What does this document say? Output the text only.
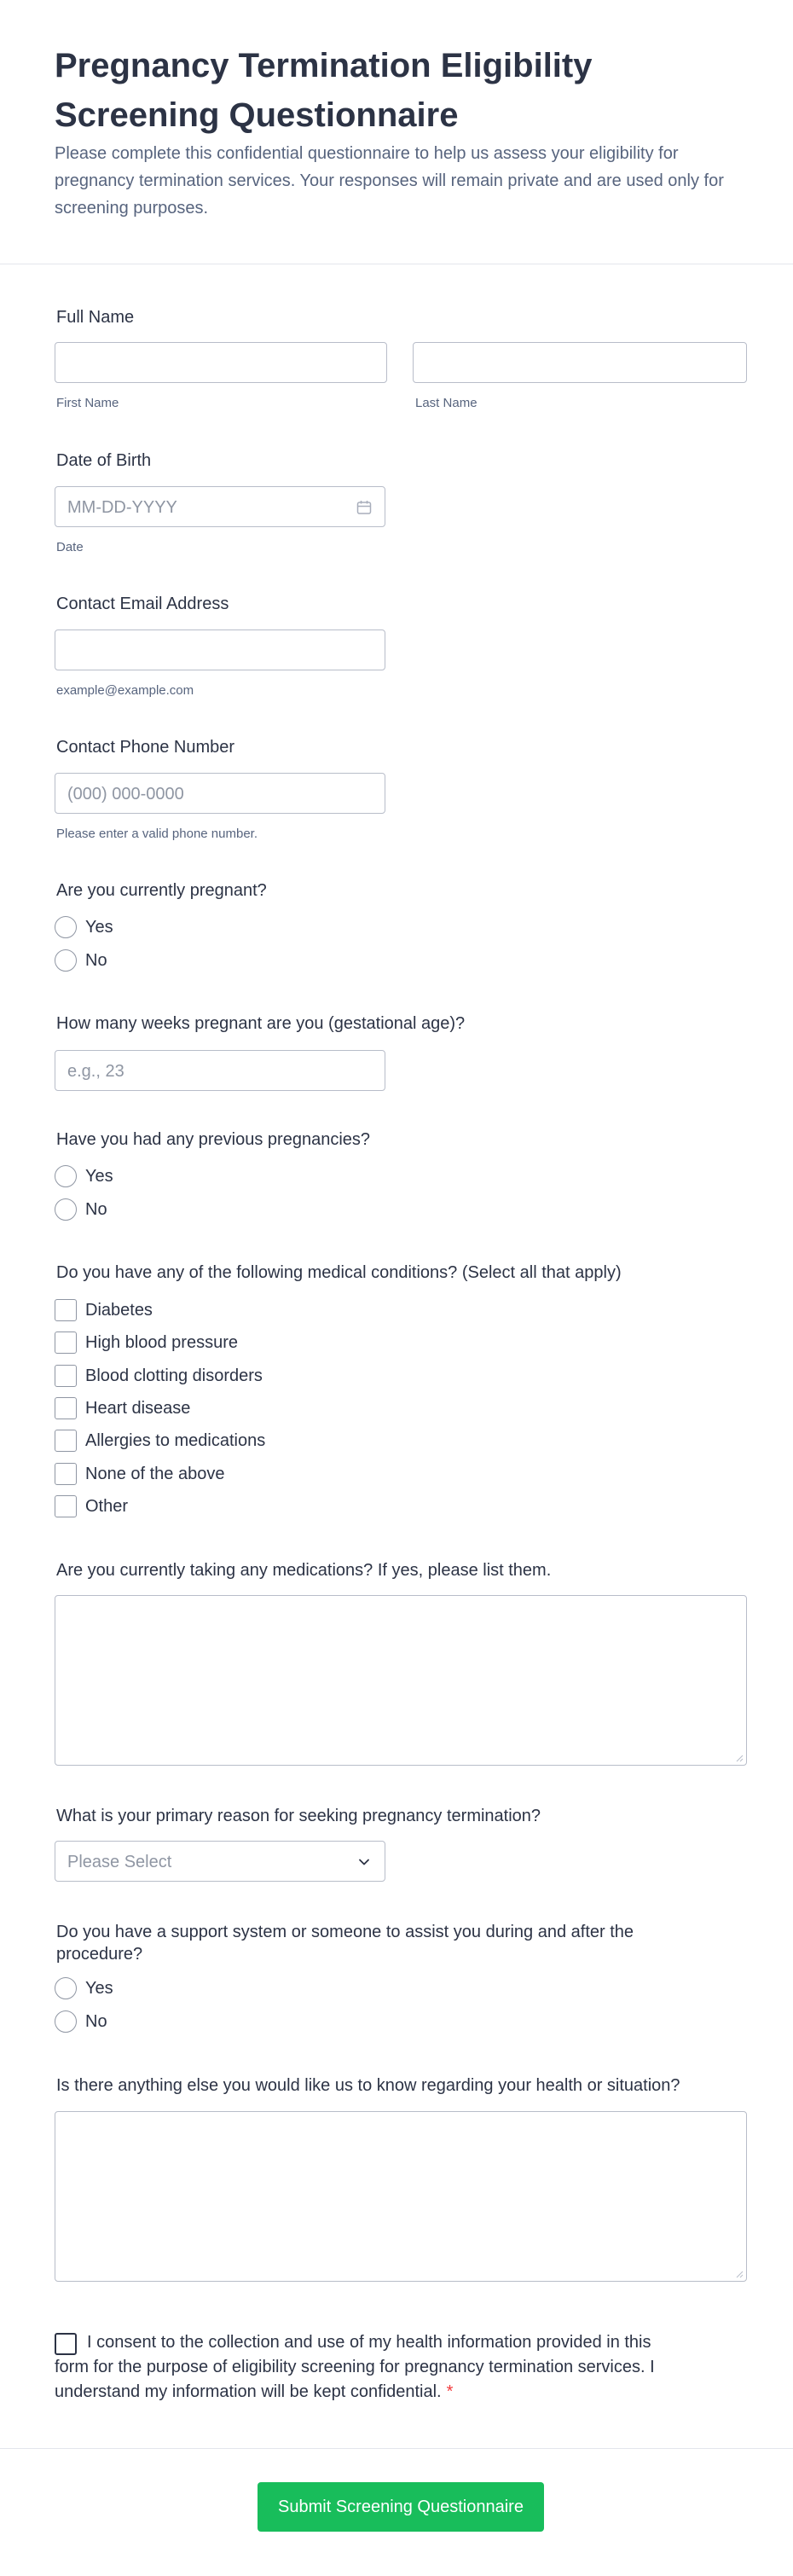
Pregnancy Termination Eligibility Screening Questionnaire

Please complete this confidential questionnaire to help us assess your eligibility for pregnancy termination services. Your responses will remain private and are used only for screening purposes.

Full Name
First Name	Last Name
Date of Birth
MM-DD-YYYY
Date
Contact Email Address
example@example.com
Contact Phone Number
(000) 000-0000
Please enter a valid phone number.
Are you currently pregnant?
Yes
No
How many weeks pregnant are you (gestational age)?
e.g., 23
Have you had any previous pregnancies?
Yes
No
Do you have any of the following medical conditions? (Select all that apply)
Diabetes
High blood pressure
Blood clotting disorders
Heart disease
Allergies to medications
None of the above
Other
Are you currently taking any medications? If yes, please list them.
What is your primary reason for seeking pregnancy termination?
Please Select
Do you have a support system or someone to assist you during and after the procedure?
Yes
No
Is there anything else you would like us to know regarding your health or situation?

I consent to the collection and use of my health information provided in this form for the purpose of eligibility screening for pregnancy termination services. I understand my information will be kept confidential. *

Submit Screening Questionnaire
